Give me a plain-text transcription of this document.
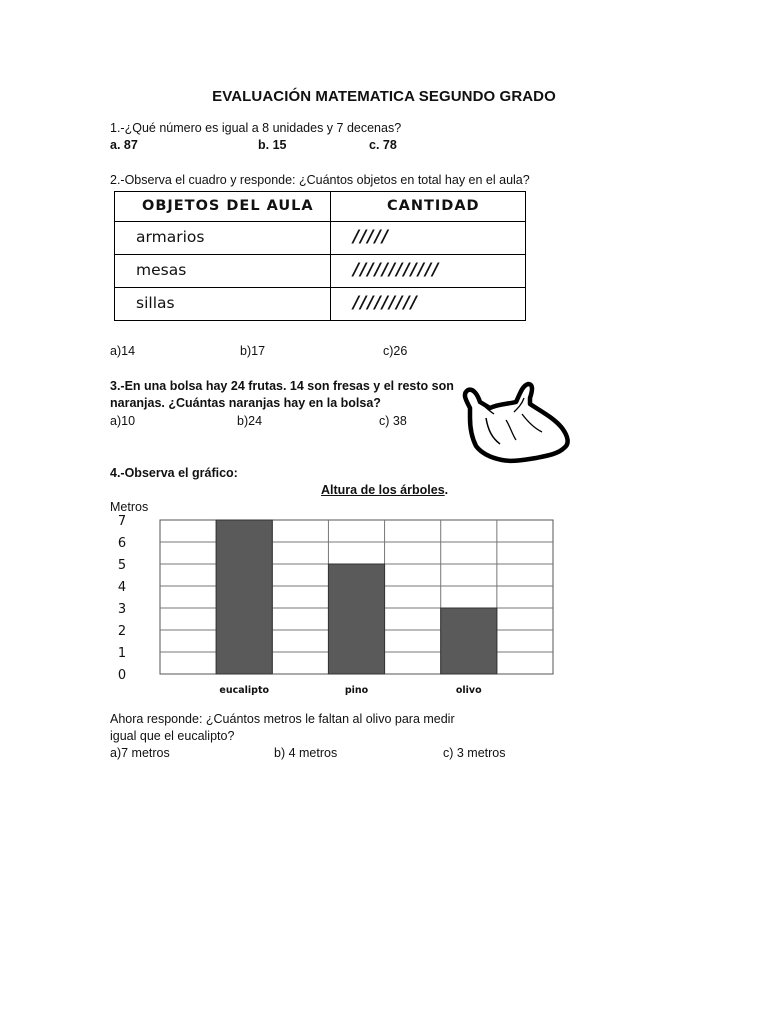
EVALUACIÓN MATEMATICA SEGUNDO GRADO
1.-¿Qué número es igual a 8 unidades y 7 decenas?
a. 87	b. 15	c. 78
2.-Observa el cuadro y responde: ¿Cuántos objetos en total hay en el aula?
OBJETOS DEL AULA	CANTIDAD
armarios	/////
mesas	////////////
sillas	/////////
a)14	b)17	c)26
3.-En una bolsa hay 24 frutas. 14 son fresas y el resto son
naranjas. ¿Cuántas naranjas hay en la bolsa?
a)10	b)24	c) 38
4.-Observa el gráfico:
Altura de los árboles.
Metros
eucalipto	pino	olivo
0
1
2
3
4
5
6
7
Ahora responde: ¿Cuántos metros le faltan al olivo para medir
igual que el eucalipto?
a)7 metros	b) 4 metros	c) 3 metros
